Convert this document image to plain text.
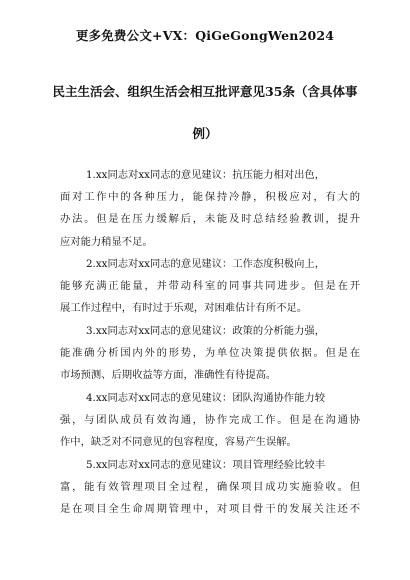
更多免费公文+VX：QiGeGongWen2024
民主生活会、组织生活会相互批评意见35条（含具体事
例）
1.xx同志对xx同志的意见建议：抗压能力相对出色，
面对工作中的各种压力，能保持冷静，积极应对，有大的
办法。但是在压力缓解后，未能及时总结经验教训，提升
应对能力稍显不足。
2.xx同志对xx同志的意见建议：工作态度积极向上，
能够充满正能量，并带动科室的同事共同进步。但是在开
展工作过程中，有时过于乐观，对困难估计有所不足。
3.xx同志对xx同志的意见建议：政策的分析能力强，
能准确分析国内外的形势，为单位决策提供依据。但是在
市场预测、后期收益等方面，准确性有待提高。
4.xx同志对xx同志的意见建议：团队沟通协作能力较
强，与团队成员有效沟通，协作完成工作。但是在沟通协
作中，缺乏对不同意见的包容程度，容易产生误解。
5.xx同志对xx同志的意见建议：项目管理经验比较丰
富，能有效管理项目全过程，确保项目成功实施验收。但
是在项目全生命周期管理中，对项目骨干的发展关注还不
